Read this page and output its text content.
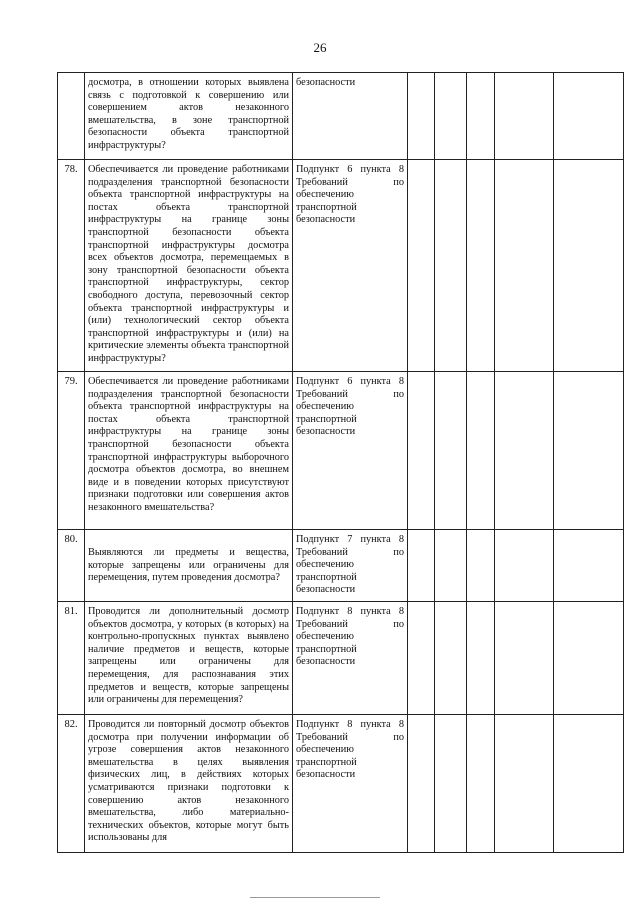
26
	досмотра, в отношении которых выявлена связь с подготовкой к совершению или совершением актов незаконного вмешательства, в зоне транспортной безопасности объекта транспортной инфраструктуры?	безопасности					
78.	Обеспечивается ли проведение работниками подразделения транспортной безопасности объекта транспортной инфраструктуры на постах объекта транспортной инфраструктуры на границе зоны транспортной безопасности объекта транспортной инфраструктуры досмотра всех объектов досмотра, перемещаемых в зону транспортной безопасности объекта транспортной инфраструктуры, сектор свободного доступа, перевозочный сектор объекта транспортной инфраструктуры и (или) технологический сектор объекта транспортной инфраструктуры и (или) на критические элементы объекта транспортной инфраструктуры?	Подпункт 6 пункта 8 Требований по обеспечению транспортной безопасности					
79.	Обеспечивается ли проведение работниками подразделения транспортной безопасности объекта транспортной инфраструктуры на постах объекта транспортной инфраструктуры на границе зоны транспортной безопасности объекта транспортной инфраструктуры выборочного досмотра объектов досмотра, во внешнем виде и в поведении которых присутствуют признаки подготовки или совершения актов незаконного вмешательства?	Подпункт 6 пункта 8 Требований по обеспечению транспортной безопасности					
80.	Выявляются ли предметы и вещества, которые запрещены или ограничены для перемещения, путем проведения досмотра?	Подпункт 7 пункта 8 Требований по обеспечению транспортной безопасности					
81.	Проводится ли дополнительный досмотр объектов досмотра, у которых (в которых) на контрольно-пропускных пунктах выявлено наличие предметов и веществ, которые запрещены или ограничены для перемещения, для распознавания этих предметов и веществ, которые запрещены или ограничены для перемещения?	Подпункт 8 пункта 8 Требований по обеспечению транспортной безопасности					
82.	Проводится ли повторный досмотр объектов досмотра при получении информации об угрозе совершения актов незаконного вмешательства в целях выявления физических лиц, в действиях которых усматриваются признаки подготовки к совершению актов незаконного вмешательства, либо материально-технических объектов, которые могут быть использованы для	Подпункт 8 пункта 8 Требований по обеспечению транспортной безопасности					
